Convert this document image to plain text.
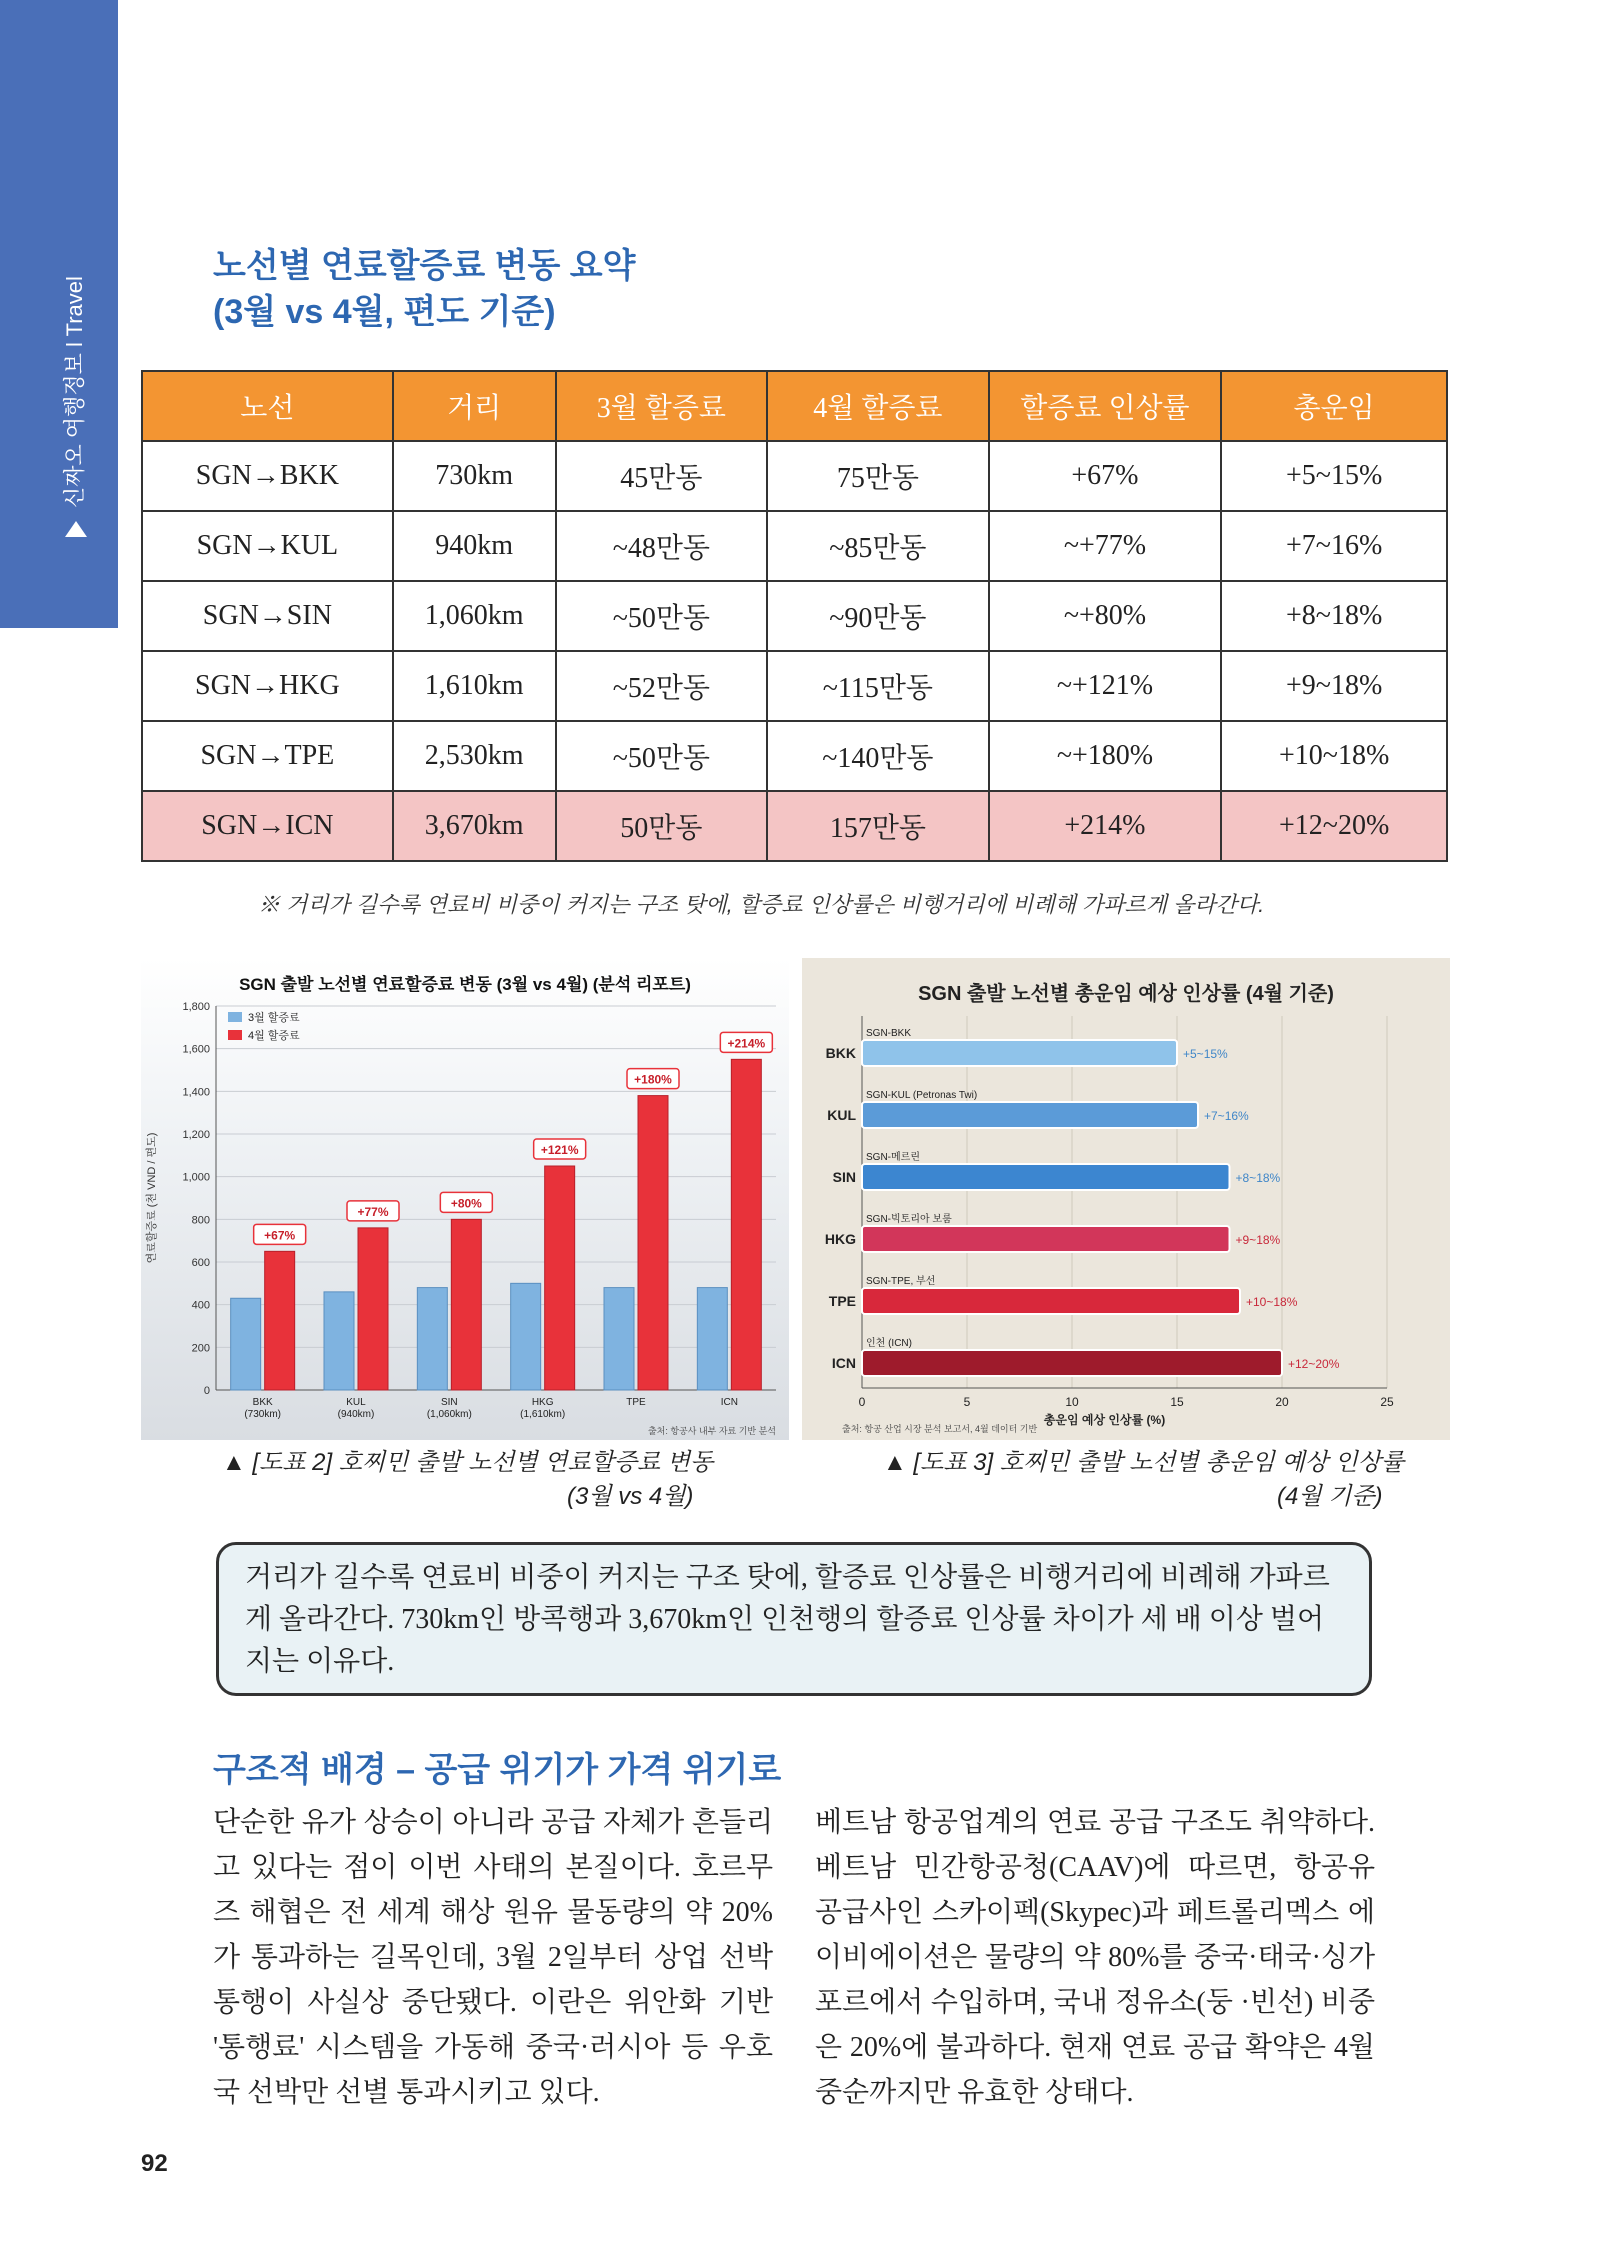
신짜오 여행정보 l Travel
노선별 연료할증료 변동 요약
(3월 vs 4월, 편도 기준)
노선	거리	3월 할증료	4월 할증료	할증료 인상률	총운임
SGN→BKK	730km	45만동	75만동	+67%	+5~15%
SGN→KUL	940km	~48만동	~85만동	~+77%	+7~16%
SGN→SIN	1,060km	~50만동	~90만동	~+80%	+8~18%
SGN→HKG	1,610km	~52만동	~115만동	~+121%	+9~18%
SGN→TPE	2,530km	~50만동	~140만동	~+180%	+10~18%
SGN→ICN	3,670km	50만동	157만동	+214%	+12~20%
※ 거리가 길수록 연료비 비중이 커지는 구조 탓에, 할증료 인상률은 비행거리에 비례해 가파르게 올라간다.
SGN 출발 노선별 연료할증료 변동 (3월 vs 4월) (분석 리포트)
0
200
400
600
800
1,000
1,200
1,400
1,600
1,800
연료할증료 (천 VND / 편도)	+67%
BKK
(730km)
+77%
KUL
(940km)
+80%
SIN
(1,060km)
+121%
HKG
(1,610km)
+180%
TPE
+214%
ICN
3월 할증료
4월 할증료
출처: 항공사 내부 자료 기반 분석
SGN 출발 노선별 총운임 예상 인상률 (4월 기준)
0	5	10	15	20	25
총운임 예상 인상률 (%)
SGN-BKK
BKK	+5~15%
SGN-KUL (Petronas Twi)
KUL	+7~16%
SGN-메르린
SIN	+8~18%
SGN-빅토리아 보룸
HKG	+9~18%
SGN-TPE, 부선
TPE	+10~18%
인천 (ICN)
ICN	+12~20%
출처: 항공 산업 시장 분석 보고서, 4월 데이터 기반
▲ [도표 2] 호찌민 출발 노선별 연료할증료 변동
(3월 vs 4월)
▲ [도표 3] 호찌민 출발 노선별 총운임 예상 인상률
(4월 기준)
거리가 길수록 연료비 비중이 커지는 구조 탓에, 할증료 인상률은 비행거리에 비례해 가파르게 올라간다. 730km인 방콕행과 3,670km인 인천행의 할증료 인상률 차이가 세 배 이상 벌어지는 이유다.
구조적 배경 – 공급 위기가 가격 위기로
단순한 유가 상승이 아니라 공급 자체가 흔들리고 있다는 점이 이번 사태의 본질이다. 호르무즈 해협은 전 세계 해상 원유 물동량의 약 20%가 통과하는 길목인데, 3월 2일부터 상업 선박 통행이 사실상 중단됐다. 이란은 위안화 기반 '통행료' 시스템을 가동해 중국·러시아 등 우호국 선박만 선별 통과시키고 있다.
베트남 항공업계의 연료 공급 구조도 취약하다. 베트남 민간항공청(CAAV)에 따르면, 항공유 공급사인 스카이펙(Skypec)과 페트롤리멕스 에이비에이션은 물량의 약 80%를 중국·태국·싱가포르에서 수입하며, 국내 정유소(둥 ·빈선) 비중은 20%에 불과하다. 현재 연료 공급 확약은 4월 중순까지만 유효한 상태다.
92
